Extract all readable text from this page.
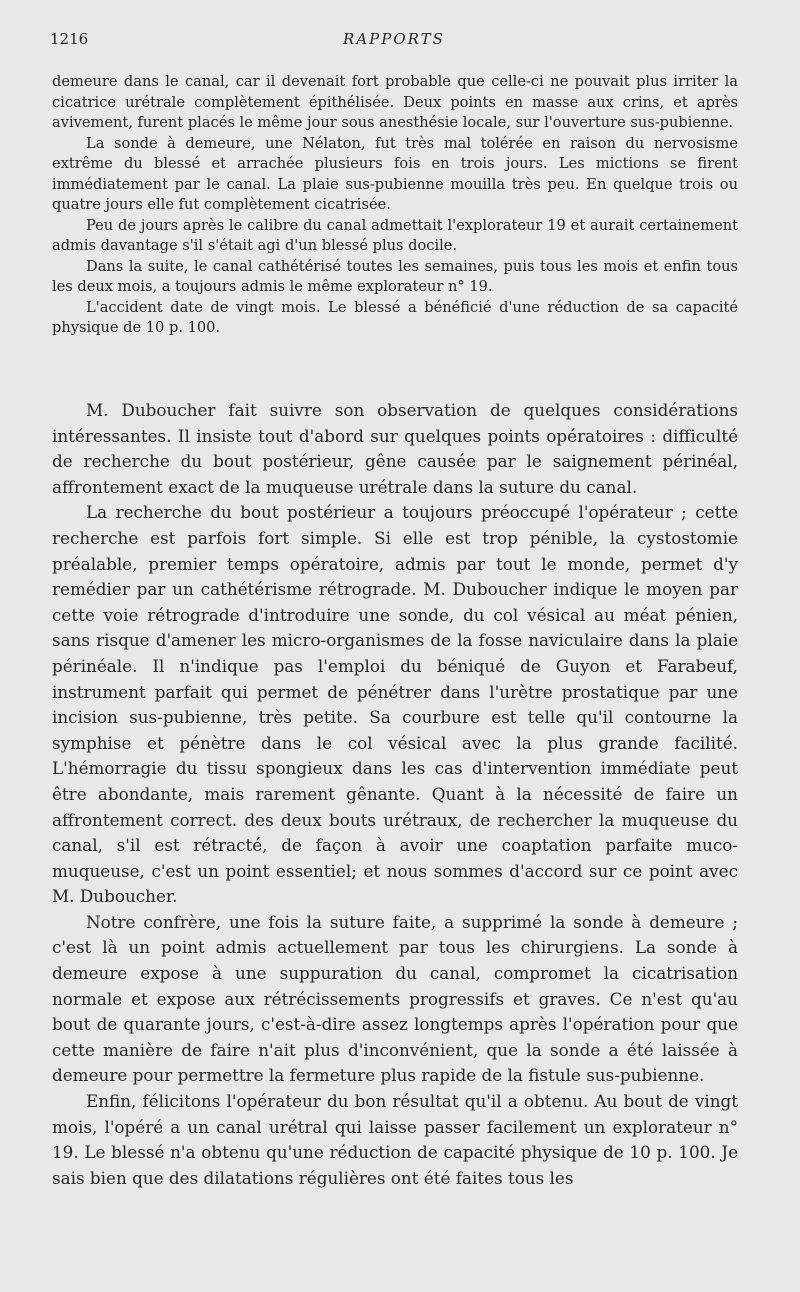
1216	RAPPORTS

demeure dans le canal, car il devenait fort probable que celle-ci ne pouvait plus irriter la cicatrice urétrale complètement épithélisée. Deux points en masse aux crins, et après avivement, furent placés le même jour sous anesthésie locale, sur l'ouverture sus-pubienne.

La sonde à demeure, une Nélaton, fut très mal tolérée en raison du nervosisme extrême du blessé et arrachée plusieurs fois en trois jours. Les mictions se firent immédiatement par le canal. La plaie sus-pubienne mouilla très peu. En quelque trois ou quatre jours elle fut complètement cicatrisée.

Peu de jours après le calibre du canal admettait l'explorateur 19 et aurait certainement admis davantage s'il s'était agi d'un blessé plus docile.

Dans la suite, le canal cathétérisé toutes les semaines, puis tous les mois et enfin tous les deux mois, a toujours admis le même explorateur n° 19.

L'accident date de vingt mois. Le blessé a bénéficié d'une réduction de sa capacité physique de 10 p. 100.

M. Duboucher fait suivre son observation de quelques considérations intéressantes. Il insiste tout d'abord sur quelques points opératoires : difficulté de recherche du bout postérieur, gêne causée par le saignement périnéal, affrontement exact de la muqueuse urétrale dans la suture du canal.

La recherche du bout postérieur a toujours préoccupé l'opérateur ; cette recherche est parfois fort simple. Si elle est trop pénible, la cystostomie préalable, premier temps opératoire, admis par tout le monde, permet d'y remédier par un cathétérisme rétrograde. M. Duboucher indique le moyen par cette voie rétrograde d'introduire une sonde, du col vésical au méat pénien, sans risque d'amener les micro-organismes de la fosse naviculaire dans la plaie périnéale. Il n'indique pas l'emploi du béniqué de Guyon et Farabeuf, instrument parfait qui permet de pénétrer dans l'urètre prostatique par une incision sus-pubienne, très petite. Sa courbure est telle qu'il contourne la symphise et pénètre dans le col vésical avec la plus grande facilité. L'hémorragie du tissu spongieux dans les cas d'intervention immédiate peut être abondante, mais rarement gênante. Quant à la nécessité de faire un affrontement correct. des deux bouts urétraux, de rechercher la muqueuse du canal, s'il est rétracté, de façon à avoir une coaptation parfaite muco-muqueuse, c'est un point essentiel; et nous sommes d'accord sur ce point avec M. Duboucher.

Notre confrère, une fois la suture faite, a supprimé la sonde à demeure ; c'est là un point admis actuellement par tous les chirurgiens. La sonde à demeure expose à une suppuration du canal, compromet la cicatrisation normale et expose aux rétrécissements progressifs et graves. Ce n'est qu'au bout de quarante jours, c'est-à-dire assez longtemps après l'opération pour que cette manière de faire n'ait plus d'inconvénient, que la sonde a été laissée à demeure pour permettre la fermeture plus rapide de la fistule sus-pubienne.

Enfin, félicitons l'opérateur du bon résultat qu'il a obtenu. Au bout de vingt mois, l'opéré a un canal urétral qui laisse passer facilement un explorateur n° 19. Le blessé n'a obtenu qu'une réduction de capacité physique de 10 p. 100. Je sais bien que des dilatations régulières ont été faites tous les
